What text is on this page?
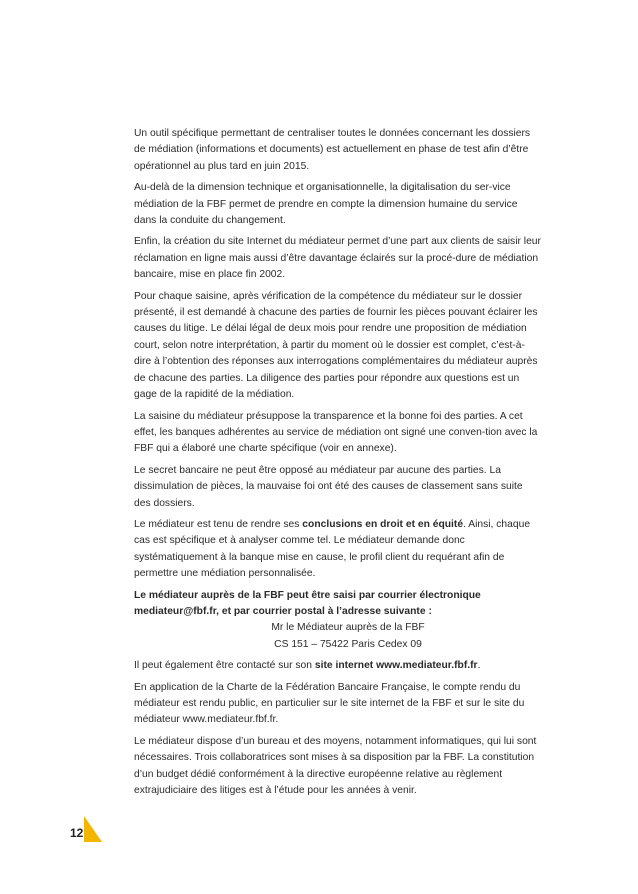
Un outil spécifique permettant de centraliser toutes le données concernant les dossiers de médiation (informations et documents) est actuellement en phase de test afin d’être opérationnel au plus tard en juin 2015.

Au-delà de la dimension technique et organisationnelle, la digitalisation du ser-vice médiation de la FBF permet de prendre en compte la dimension humaine du service dans la conduite du changement.

Enfin, la création du site Internet du médiateur permet d’une part aux clients de saisir leur réclamation en ligne mais aussi d’être davantage éclairés sur la procé-dure de médiation bancaire, mise en place fin 2002.

Pour chaque saisine, après vérification de la compétence du médiateur sur le dossier présenté, il est demandé à chacune des parties de fournir les pièces pouvant éclairer les causes du litige. Le délai légal de deux mois pour rendre une proposition de médiation court, selon notre interprétation, à partir du moment où le dossier est complet, c’est-à-dire à l’obtention des réponses aux interrogations complémentaires du médiateur auprès de chacune des parties. La diligence des parties pour répondre aux questions est un gage de la rapidité de la médiation.

La saisine du médiateur présuppose la transparence et la bonne foi des parties. A cet effet, les banques adhérentes au service de médiation ont signé une conven-tion avec la FBF qui a élaboré une charte spécifique (voir en annexe).

Le secret bancaire ne peut être opposé au médiateur par aucune des parties. La dissimulation de pièces, la mauvaise foi ont été des causes de classement sans suite des dossiers.

Le médiateur est tenu de rendre ses conclusions en droit et en équité. Ainsi, chaque cas est spécifique et à analyser comme tel. Le médiateur demande donc systématiquement à la banque mise en cause, le profil client du requérant afin de permettre une médiation personnalisée.

Le médiateur auprès de la FBF peut être saisi par courrier électronique mediateur@fbf.fr, et par courrier postal à l’adresse suivante :

Mr le Médiateur auprès de la FBF
CS 151 – 75422 Paris Cedex 09

Il peut également être contacté sur son site internet www.mediateur.fbf.fr.

En application de la Charte de la Fédération Bancaire Française, le compte rendu du médiateur est rendu public, en particulier sur le site internet de la FBF et sur le site du médiateur www.mediateur.fbf.fr.

Le médiateur dispose d’un bureau et des moyens, notamment informatiques, qui lui sont nécessaires. Trois collaboratrices sont mises à sa disposition par la FBF. La constitution d’un budget dédié conformément à la directive européenne relative au règlement extrajudiciaire des litiges est à l’étude pour les années à venir.

12
